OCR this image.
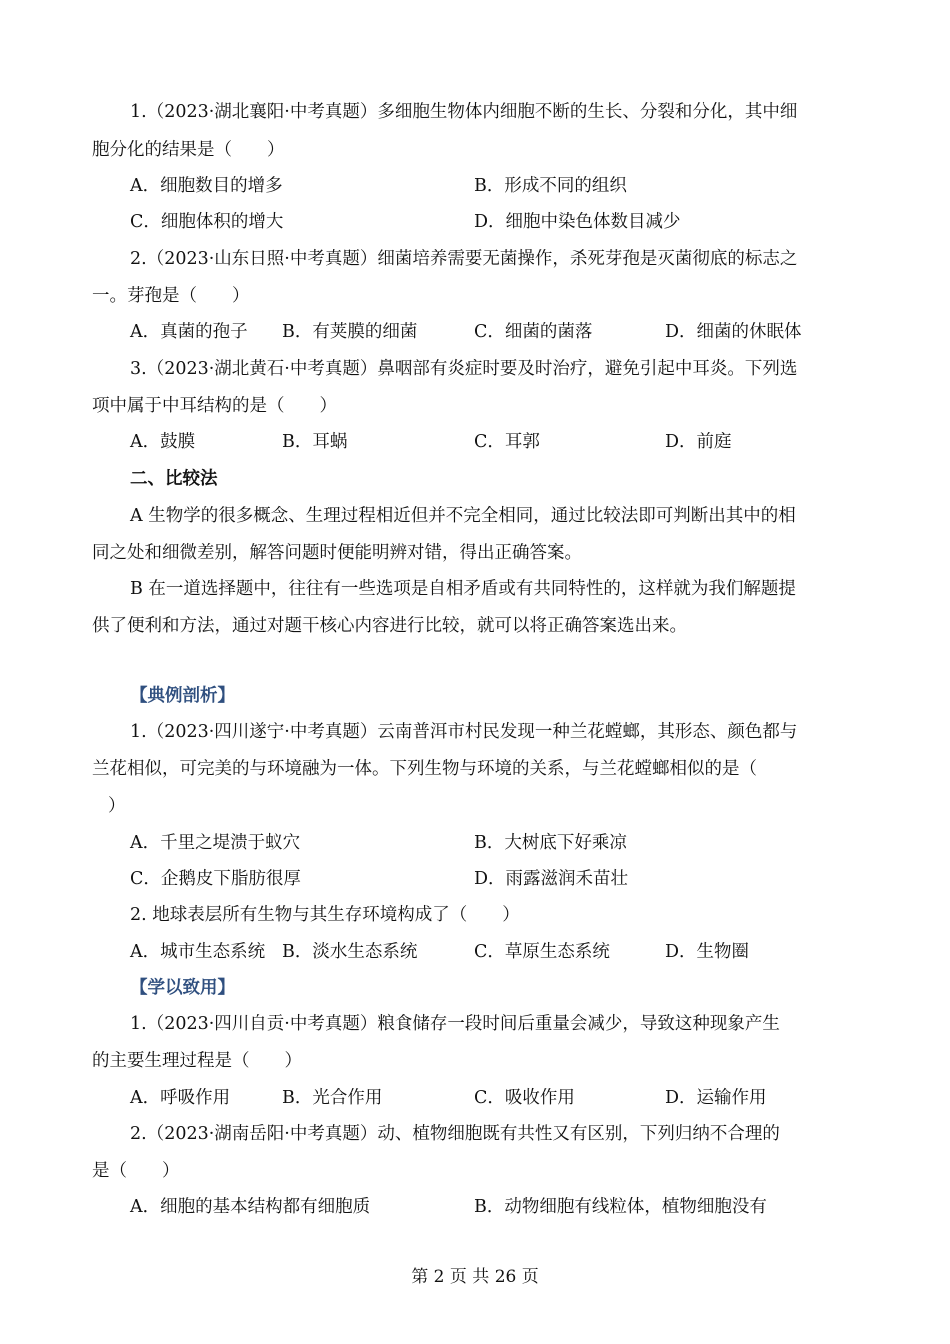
1.（2023·湖北襄阳·中考真题）多细胞生物体内细胞不断的生长、分裂和分化，其中细
胞分化的结果是（　　）
A．细胞数目的增多	B．形成不同的组织
C．细胞体积的增大	D．细胞中染色体数目减少
2.（2023·山东日照·中考真题）细菌培养需要无菌操作，杀死芽孢是灭菌彻底的标志之
一。芽孢是（　　）
A．真菌的孢子 B．有荚膜的细菌	C．细菌的菌落	D．细菌的休眠体
3.（2023·湖北黄石·中考真题）鼻咽部有炎症时要及时治疗，避免引起中耳炎。下列选
项中属于中耳结构的是（　　）
A．鼓膜	B．耳蜗	C．耳郭	D．前庭
二、比较法
A 生物学的很多概念、生理过程相近但并不完全相同，通过比较法即可判断出其中的相
同之处和细微差别，解答问题时便能明辨对错，得出正确答案。
B 在一道选择题中，往往有一些选项是自相矛盾或有共同特性的，这样就为我们解题提
供了便利和方法，通过对题干核心内容进行比较，就可以将正确答案选出来。
【典例剖析】
1.（2023·四川遂宁·中考真题）云南普洱市村民发现一种兰花螳螂，其形态、颜色都与
兰花相似，可完美的与环境融为一体。下列生物与环境的关系，与兰花螳螂相似的是（
）
A．千里之堤溃于蚁穴	B．大树底下好乘凉
C．企鹅皮下脂肪很厚	D．雨露滋润禾苗壮
2. 地球表层所有生物与其生存环境构成了（　　）
A．城市生态系统 B．淡水生态系统	C．草原生态系统	D．生物圈
【学以致用】
1.（2023·四川自贡·中考真题）粮食储存一段时间后重量会减少，导致这种现象产生
的主要生理过程是（　　）
A．呼吸作用	B．光合作用	C．吸收作用	D．运输作用
2.（2023·湖南岳阳·中考真题）动、植物细胞既有共性又有区别，下列归纳不合理的
是（　　）
A．细胞的基本结构都有细胞质	B．动物细胞有线粒体，植物细胞没有
第 2 页 共 26 页
